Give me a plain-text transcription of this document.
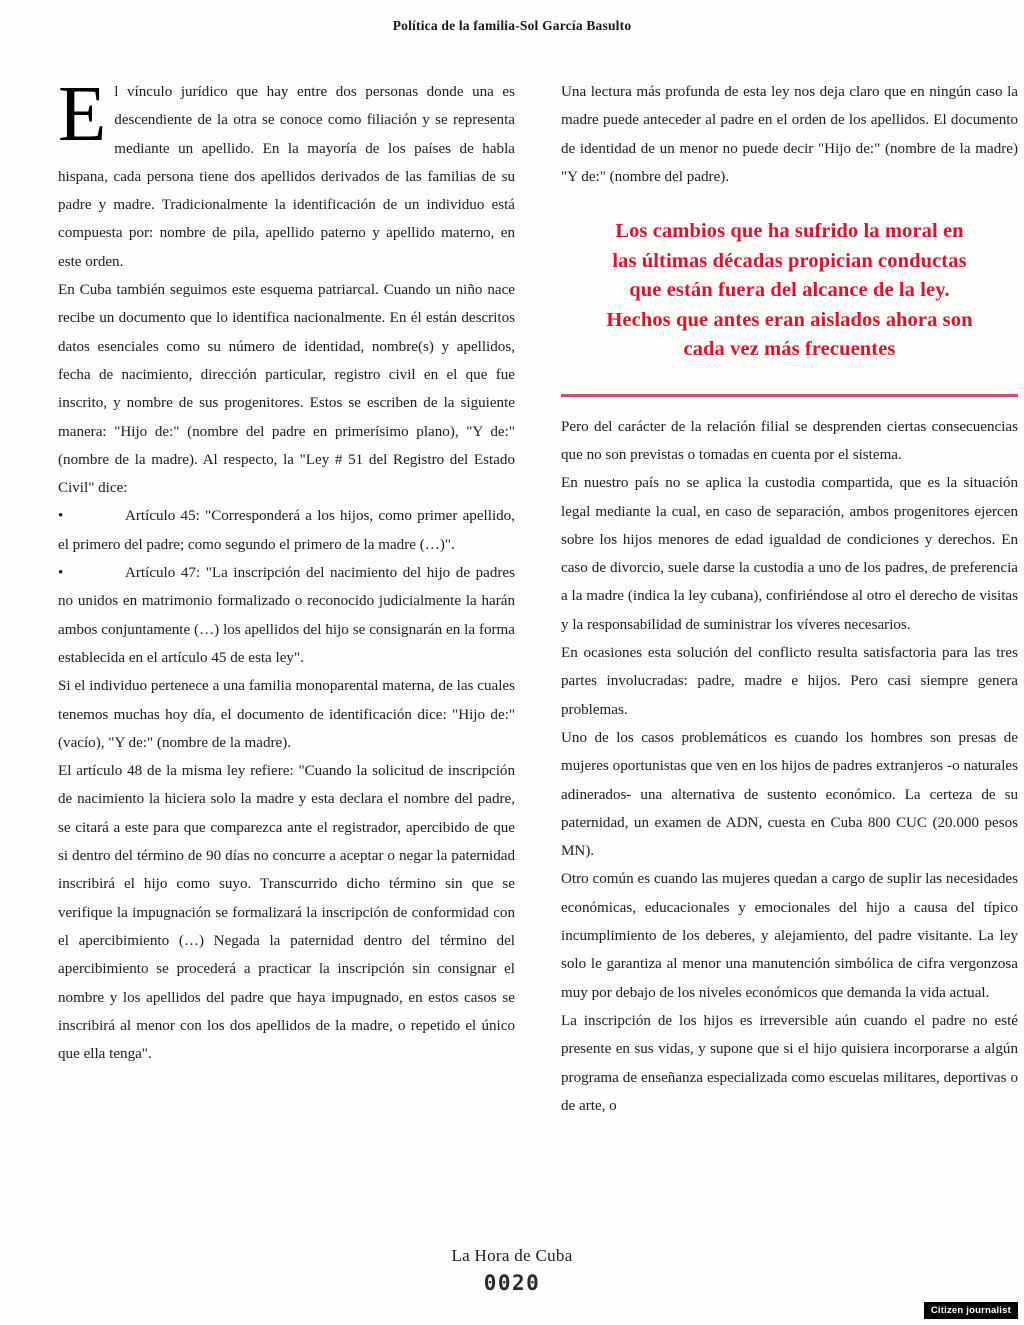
Política de la familia-Sol García Basulto

El vínculo jurídico que hay entre dos personas donde una es descendiente de la otra se conoce como filiación y se representa mediante un apellido. En la mayoría de los países de habla hispana, cada persona tiene dos apellidos derivados de las familias de su padre y madre. Tradicionalmente la identificación de un individuo está compuesta por: nombre de pila, apellido paterno y apellido materno, en este orden.

En Cuba también seguimos este esquema patriarcal. Cuando un niño nace recibe un documento que lo identifica nacionalmente. En él están descritos datos esenciales como su número de identidad, nombre(s) y apellidos, fecha de nacimiento, dirección particular, registro civil en el que fue inscrito, y nombre de sus progenitores. Estos se escriben de la siguiente manera: "Hijo de:" (nombre del padre en primerísimo plano), "Y de:" (nombre de la madre). Al respecto, la "Ley # 51 del Registro del Estado Civil" dice:

•	Artículo 45: "Corresponderá a los hijos, como primer apellido, el primero del padre; como segundo el primero de la madre (…)".

•	Artículo 47: "La inscripción del nacimiento del hijo de padres no unidos en matrimonio formalizado o reconocido judicialmente la harán ambos conjuntamente (…) los apellidos del hijo se consignarán en la forma establecida en el artículo 45 de esta ley".

Si el individuo pertenece a una familia monoparental materna, de las cuales tenemos muchas hoy día, el documento de identificación dice: "Hijo de:" (vacío), "Y de:" (nombre de la madre).

El artículo 48 de la misma ley refiere: "Cuando la solicitud de inscripción de nacimiento la hiciera solo la madre y esta declara el nombre del padre, se citará a este para que comparezca ante el registrador, apercibido de que si dentro del término de 90 días no concurre a aceptar o negar la paternidad inscribirá el hijo como suyo. Transcurrido dicho término sin que se verifique la impugnación se formalizará la inscripción de conformidad con el apercibimiento (…) Negada la paternidad dentro del término del apercibimiento se procederá a practicar la inscripción sin consignar el nombre y los apellidos del padre que haya impugnado, en estos casos se inscribirá al menor con los dos apellidos de la madre, o repetido el único que ella tenga".

Una lectura más profunda de esta ley nos deja claro que en ningún caso la madre puede anteceder al padre en el orden de los apellidos. El documento de identidad de un menor no puede decir "Hijo de:" (nombre de la madre) "Y de:" (nombre del padre).

Los cambios que ha sufrido la moral en
las últimas décadas propician conductas
que están fuera del alcance de la ley.
Hechos que antes eran aislados ahora son
cada vez más frecuentes

Pero del carácter de la relación filial se desprenden ciertas consecuencias que no son previstas o tomadas en cuenta por el sistema.

En nuestro país no se aplica la custodia compartida, que es la situación legal mediante la cual, en caso de separación, ambos progenitores ejercen sobre los hijos menores de edad igualdad de condiciones y derechos. En caso de divorcio, suele darse la custodia a uno de los padres, de preferencia a la madre (indica la ley cubana), confiriéndose al otro el derecho de visitas y la responsabilidad de suministrar los víveres necesarios.

En ocasiones esta solución del conflicto resulta satisfactoria para las tres partes involucradas: padre, madre e hijos. Pero casi siempre genera problemas.

Uno de los casos problemáticos es cuando los hombres son presas de mujeres oportunistas que ven en los hijos de padres extranjeros -o naturales adinerados- una alternativa de sustento económico. La certeza de su paternidad, un examen de ADN, cuesta en Cuba 800 CUC (20.000 pesos MN).

Otro común es cuando las mujeres quedan a cargo de suplir las necesidades económicas, educacionales y emocionales del hijo a causa del típico incumplimiento de los deberes, y alejamiento, del padre visitante. La ley solo le garantiza al menor una manutención simbólica de cifra vergonzosa muy por debajo de los niveles económicos que demanda la vida actual.

La inscripción de los hijos es irreversible aún cuando el padre no esté presente en sus vidas, y supone que si el hijo quisiera incorporarse a algún programa de enseñanza especializada como escuelas militares, deportivas o de arte, o

La Hora de Cuba
0020
Citizen journalist
